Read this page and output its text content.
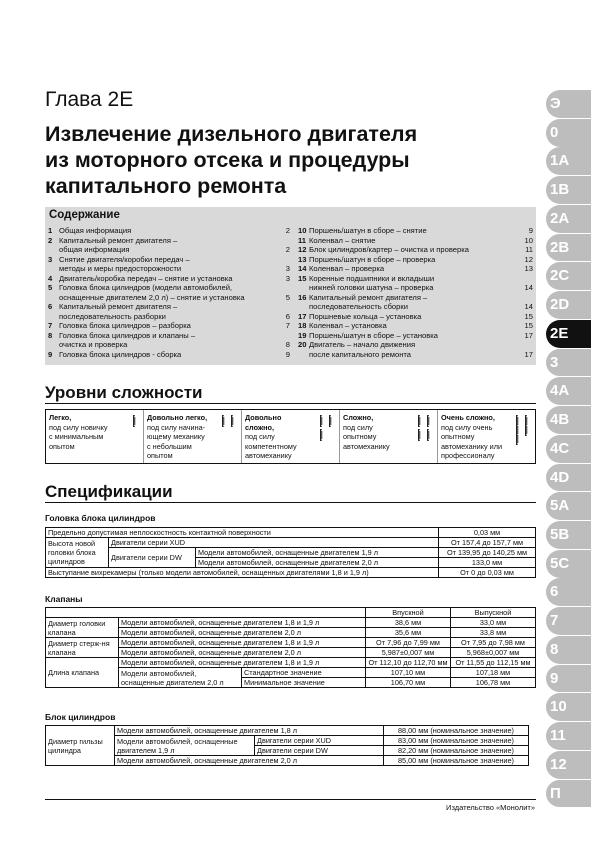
Глава 2E
Извлечение дизельного двигателя
из моторного отсека и процедуры
капитального ремонта
Содержание
1 Общая информация	2
2 Капитальный ремонт двигателя –
общая информация	2
3 Снятие двигателя/коробки передач –
методы и меры предосторожности	3
4 Двигатель/коробка передач – снятие и установка	3
5 Головка блока цилиндров (модели автомобилей,
оснащенные двигателем 2,0 л) – снятие и установка	5
6 Капитальный ремонт двигателя –
последовательность разборки	6
7 Головка блока цилиндров – разборка	7
8 Головка блока цилиндров и клапаны –
очистка и проверка	8
9 Головка блока цилиндров - сборка	9
10 Поршень/шатун в сборе – снятие	9
11 Коленвал – снятие	10
12 Блок цилиндров/картер – очистка и проверка	11
13 Поршень/шатун в сборе – проверка	12
14 Коленвал – проверка	13
15 Коренные подшипники и вкладыши
нижней головки шатуна – проверка	14
16 Капитальный ремонт двигателя –
последовательность сборки	14
17 Поршневые кольца – установка	15
18 Коленвал – установка	15
19 Поршень/шатун в сборе – установка	17
20 Двигатель – начало движения
после капитального ремонта	17
Уровни сложности
Легко,
под силу новичку
с минимальным
опытом

Довольно легко,
под силу начина-
ющему механику
с небольшим
опытом

Довольно
сложно,
под силу
компетентному
автомеханику

Сложно,
под силу
опытному
автомеханику

Очень сложно,
под силу очень
опытному
автомеханику или
профессионалу

Спецификации
Головка блока цилиндров
Предельно допустимая неплоскостность контактной поверхности			0,03 мм
Высота новой головки блока цилиндров	Двигатели серии XUD		От 157,4 до 157,7 мм
	Двигатели серии DW	Модели автомобилей, оснащенные двигателем 1,9 л	От 139,95 до 140,25 мм
		Модели автомобилей, оснащенные двигателем 2,0 л	133,0 мм
Выступание вихрекамеры (только модели автомобилей, оснащенных двигателями 1,8 и 1,9 л)			От 0 до 0,03 мм
Клапаны
			Впускной	Выпускной
Диаметр головки клапана	Модели автомобилей, оснащенные двигателем 1,8 и 1,9 л		38,6 мм	33,0 мм
	Модели автомобилей, оснащенные двигателем 2,0 л		35,6 мм	33,8 мм
Диаметр стерж-ня клапана	Модели автомобилей, оснащенные двигателем 1,8 и 1,9 л		От 7,96 до 7,99 мм	От 7,95 до 7,98 мм
	Модели автомобилей, оснащенные двигателем 2,0 л		5,987±0,007 мм	5,968±0,007 мм
Длина клапана	Модели автомобилей, оснащенные двигателем 1,8 и 1,9 л		От 112,10 до 112,70 мм	От 11,55 до 112,15 мм
	Модели автомобилей, оснащенные двигателем 2,0 л	Стандартное значение	107,10 мм	107,18 мм
		Минимальное значение	106,70 мм	106,78 мм
Блок цилиндров
Диаметр гильзы цилиндра	Модели автомобилей, оснащенные двигателем 1,8 л		88,00 мм (номинальное значение)
	Модели автомобилей, оснащенные двигателем 1,9 л	Двигатели серии XUD	83,00 мм (номинальное значение)
		Двигатели серии DW	82,20 мм (номинальное значение)
	Модели автомобилей, оснащенные двигателем 2,0 л		85,00 мм (номинальное значение)
Э
0
1A
1B
2A
2B
2C
2D
2E
3
4A
4B
4C
4D
5A
5B
5C
6
7
8
9
10
11
12
П
Издательство «Монолит»
